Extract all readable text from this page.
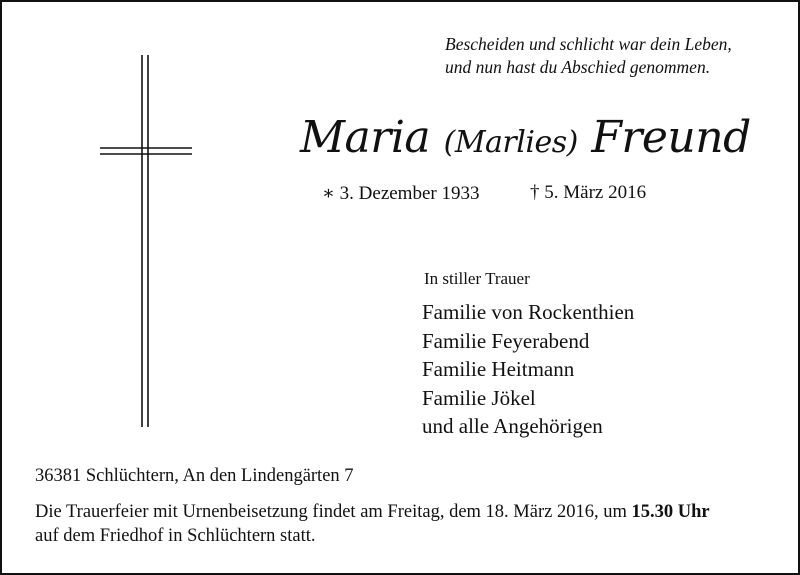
Bescheiden und schlicht war dein Leben,
und nun hast du Abschied genommen.
Maria (Marlies) Freund
∗ 3. Dezember 1933	† 5. März 2016
In stiller Trauer
Familie von Rockenthien
Familie Feyerabend
Familie Heitmann
Familie Jökel
und alle Angehörigen
36381 Schlüchtern, An den Lindengärten 7
Die Trauerfeier mit Urnenbeisetzung findet am Freitag, dem 18. März 2016, um 15.30 Uhr
auf dem Friedhof in Schlüchtern statt.
